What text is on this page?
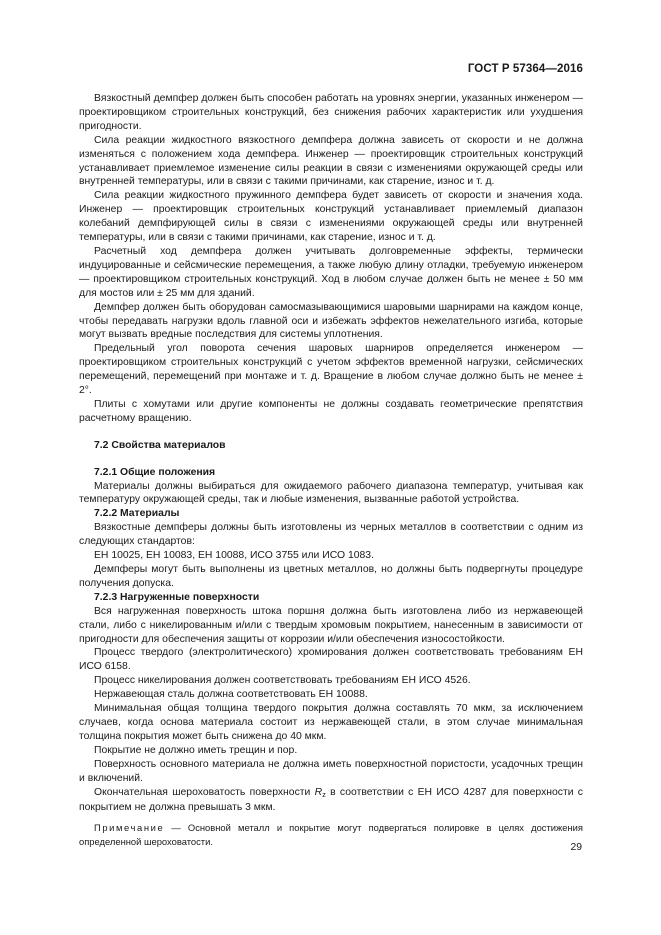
ГОСТ Р 57364—2016

Вязкостный демпфер должен быть способен работать на уровнях энергии, указанных инженером — проектировщиком строительных конструкций, без снижения рабочих характеристик или ухудшения пригодности.

Сила реакции жидкостного вязкостного демпфера должна зависеть от скорости и не должна изменяться с положением хода демпфера. Инженер — проектировщик строительных конструкций устанавливает приемлемое изменение силы реакции в связи с изменениями окружающей среды или внутренней температуры, или в связи с такими причинами, как старение, износ и т. д.

Сила реакции жидкостного пружинного демпфера будет зависеть от скорости и значения хода. Инженер — проектировщик строительных конструкций устанавливает приемлемый диапазон колебаний демпфирующей силы в связи с изменениями окружающей среды или внутренней температуры, или в связи с такими причинами, как старение, износ и т. д.

Расчетный ход демпфера должен учитывать долговременные эффекты, термически индуцированные и сейсмические перемещения, а также любую длину отладки, требуемую инженером — проектировщиком строительных конструкций. Ход в любом случае должен быть не менее ± 50 мм для мостов или ± 25 мм для зданий.

Демпфер должен быть оборудован самосмазывающимися шаровыми шарнирами на каждом конце, чтобы передавать нагрузки вдоль главной оси и избежать эффектов нежелательного изгиба, которые могут вызвать вредные последствия для системы уплотнения.

Предельный угол поворота сечения шаровых шарниров определяется инженером — проектировщиком строительных конструкций с учетом эффектов временной нагрузки, сейсмических перемещений, перемещений при монтаже и т. д. Вращение в любом случае должно быть не менее ± 2°.

Плиты с хомутами или другие компоненты не должны создавать геометрические препятствия расчетному вращению.

7.2 Свойства материалов
7.2.1 Общие положения

Материалы должны выбираться для ожидаемого рабочего диапазона температур, учитывая как температуру окружающей среды, так и любые изменения, вызванные работой устройства.

7.2.2 Материалы

Вязкостные демпферы должны быть изготовлены из черных металлов в соответствии с одним из следующих стандартов:

ЕН 10025, ЕН 10083, ЕН 10088, ИСО 3755 или ИСО 1083.

Демпферы могут быть выполнены из цветных металлов, но должны быть подвергнуты процедуре получения допуска.

7.2.3 Нагруженные поверхности

Вся нагруженная поверхность штока поршня должна быть изготовлена либо из нержавеющей стали, либо с никелированным и/или с твердым хромовым покрытием, нанесенным в зависимости от пригодности для обеспечения защиты от коррозии и/или обеспечения износостойкости.

Процесс твердого (электролитического) хромирования должен соответствовать требованиям ЕН ИСО 6158.

Процесс никелирования должен соответствовать требованиям ЕН ИСО 4526.

Нержавеющая сталь должна соответствовать ЕН 10088.

Минимальная общая толщина твердого покрытия должна составлять 70 мкм, за исключением случаев, когда основа материала состоит из нержавеющей стали, в этом случае минимальная толщина покрытия может быть снижена до 40 мкм.

Покрытие не должно иметь трещин и пор.

Поверхность основного материала не должна иметь поверхностной пористости, усадочных трещин и включений.

Окончательная шероховатость поверхности $R_z$ в соответствии с ЕН ИСО 4287 для поверхности с покрытием не должна превышать 3 мкм.

Примечание — Основной металл и покрытие могут подвергаться полировке в целях достижения определенной шероховатости.

29
